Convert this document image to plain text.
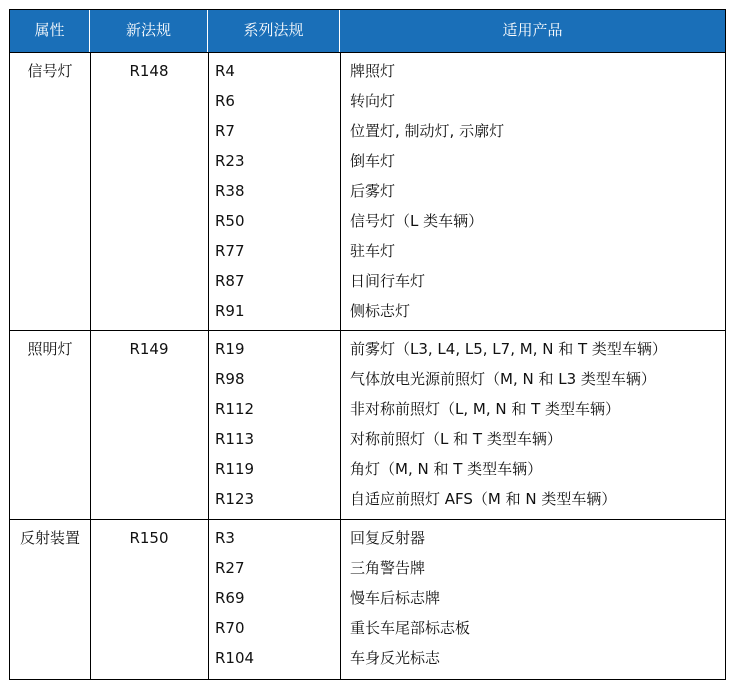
属性	新法规	系列法规	适用产品
信号灯	R148	R4	牌照灯
R6	转向灯
R7	位置灯, 制动灯, 示廓灯
R23	倒车灯
R38	后雾灯
R50	信号灯（L 类车辆）
R77	驻车灯
R87	日间行车灯
R91	侧标志灯
照明灯	R149	R19	前雾灯（L3, L4, L5, L7, M, N 和 T 类型车辆）
R98	气体放电光源前照灯（M, N 和 L3 类型车辆）
R112	非对称前照灯（L, M, N 和 T 类型车辆）
R113	对称前照灯（L 和 T 类型车辆）
R119	角灯（M, N 和 T 类型车辆）
R123	自适应前照灯 AFS（M 和 N 类型车辆）
反射装置	R150	R3	回复反射器
R27	三角警告牌
R69	慢车后标志牌
R70	重长车尾部标志板
R104	车身反光标志
